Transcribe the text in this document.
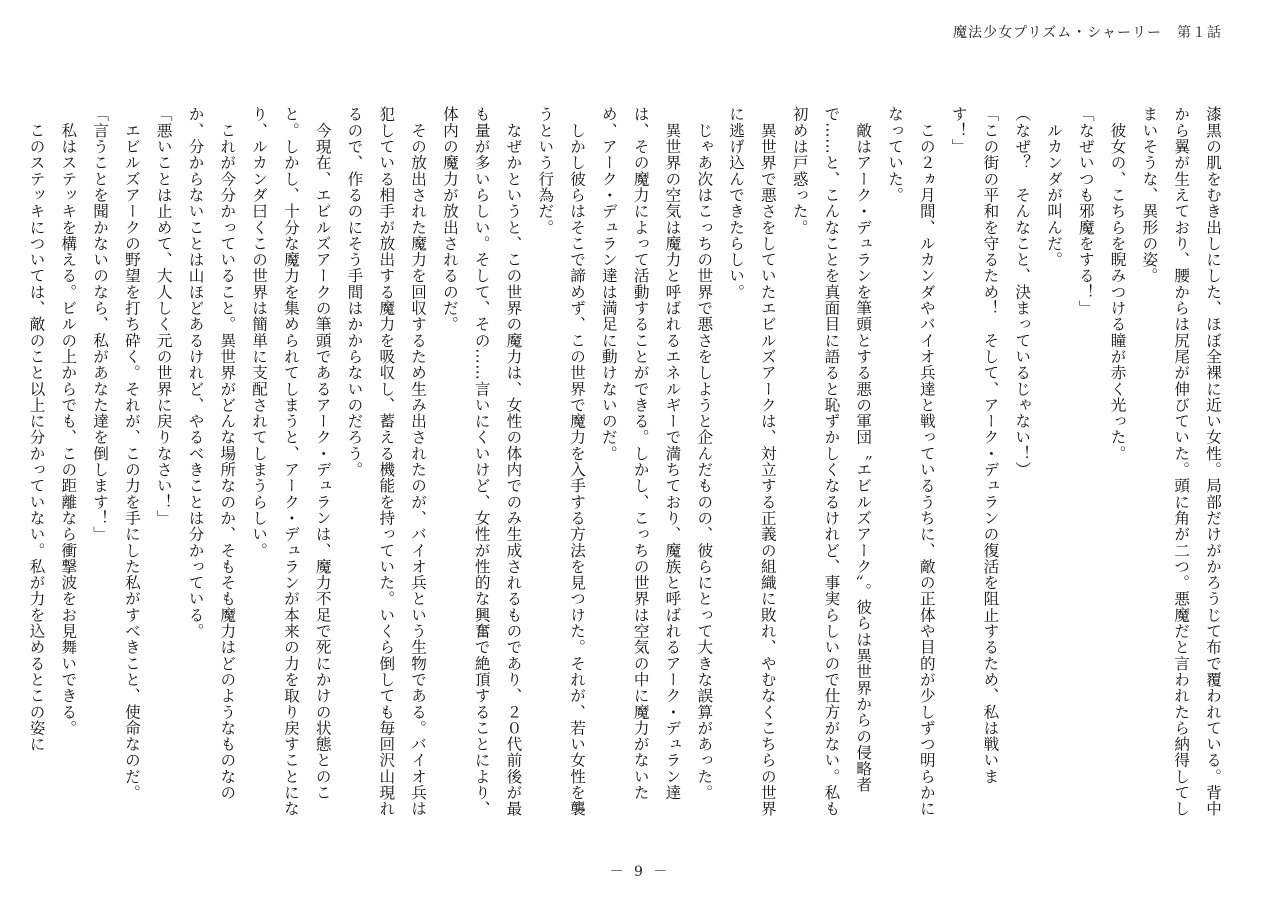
魔法少女プリズム・シャーリー　第１話

漆黒の肌をむき出しにした、ほぼ全裸に近い女性。局部だけがかろうじて布で覆われている。背中から翼が生えており、腰からは尻尾が伸びていた。頭に角が二つ。悪魔だと言われたら納得してしまいそうな、異形の姿。

　彼女の、こちらを睨みつける瞳が赤く光った。

「なぜいつも邪魔をする！」

　ルカンダが叫んだ。

（なぜ？　そんなこと、決まっているじゃない！）

「この街の平和を守るため！　そして、アーク・デュランの復活を阻止するため、私は戦います！」

　この２ヵ月間、ルカンダやバイオ兵達と戦っているうちに、敵の正体や目的が少しずつ明らかになっていた。

　敵はアーク・デュランを筆頭とする悪の軍団〝エビルズアーク〟。彼らは異世界からの侵略者で……と、こんなことを真面目に語ると恥ずかしくなるけれど、事実らしいので仕方がない。私も初めは戸惑った。

　異世界で悪さをしていたエビルズアークは、対立する正義の組織に敗れ、やむなくこちらの世界に逃げ込んできたらしい。

　じゃあ次はこっちの世界で悪さをしようと企んだものの、彼らにとって大きな誤算があった。

　異世界の空気は魔力と呼ばれるエネルギーで満ちており、魔族と呼ばれるアーク・デュラン達は、その魔力によって活動することができる。しかし、こっちの世界は空気の中に魔力がないため、アーク・デュラン達は満足に動けないのだ。

　しかし彼らはそこで諦めず、この世界で魔力を入手する方法を見つけた。それが、若い女性を襲うという行為だ。

　なぜかというと、この世界の魔力は、女性の体内でのみ生成されるものであり、２０代前後が最も量が多いらしい。そして、その……言いにくいけど、女性が性的な興奮で絶頂することにより、体内の魔力が放出されるのだ。

　その放出された魔力を回収するため生み出されたのが、バイオ兵という生物である。バイオ兵は犯している相手が放出する魔力を吸収し、蓄える機能を持っていた。いくら倒しても毎回沢山現れるので、作るのにそう手間はかからないのだろう。

　今現在、エビルズアークの筆頭であるアーク・デュランは、魔力不足で死にかけの状態とのこと。しかし、十分な魔力を集められてしまうと、アーク・デュランが本来の力を取り戻すことになり、ルカンダ曰くこの世界は簡単に支配されてしまうらしい。

　これが今分かっていること。異世界がどんな場所なのか、そもそも魔力はどのようなものなのか、分からないことは山ほどあるけれど、やるべきことは分かっている。

「悪いことは止めて、大人しく元の世界に戻りなさい！」

　エビルズアークの野望を打ち砕く。それが、この力を手にした私がすべきこと、使命なのだ。

「言うことを聞かないのなら、私があなた達を倒します！」

　私はステッキを構える。ビルの上からでも、この距離なら衝撃波をお見舞いできる。

　このステッキについては、敵のこと以上に分かっていない。私が力を込めるとこの姿に

－ 9 －
